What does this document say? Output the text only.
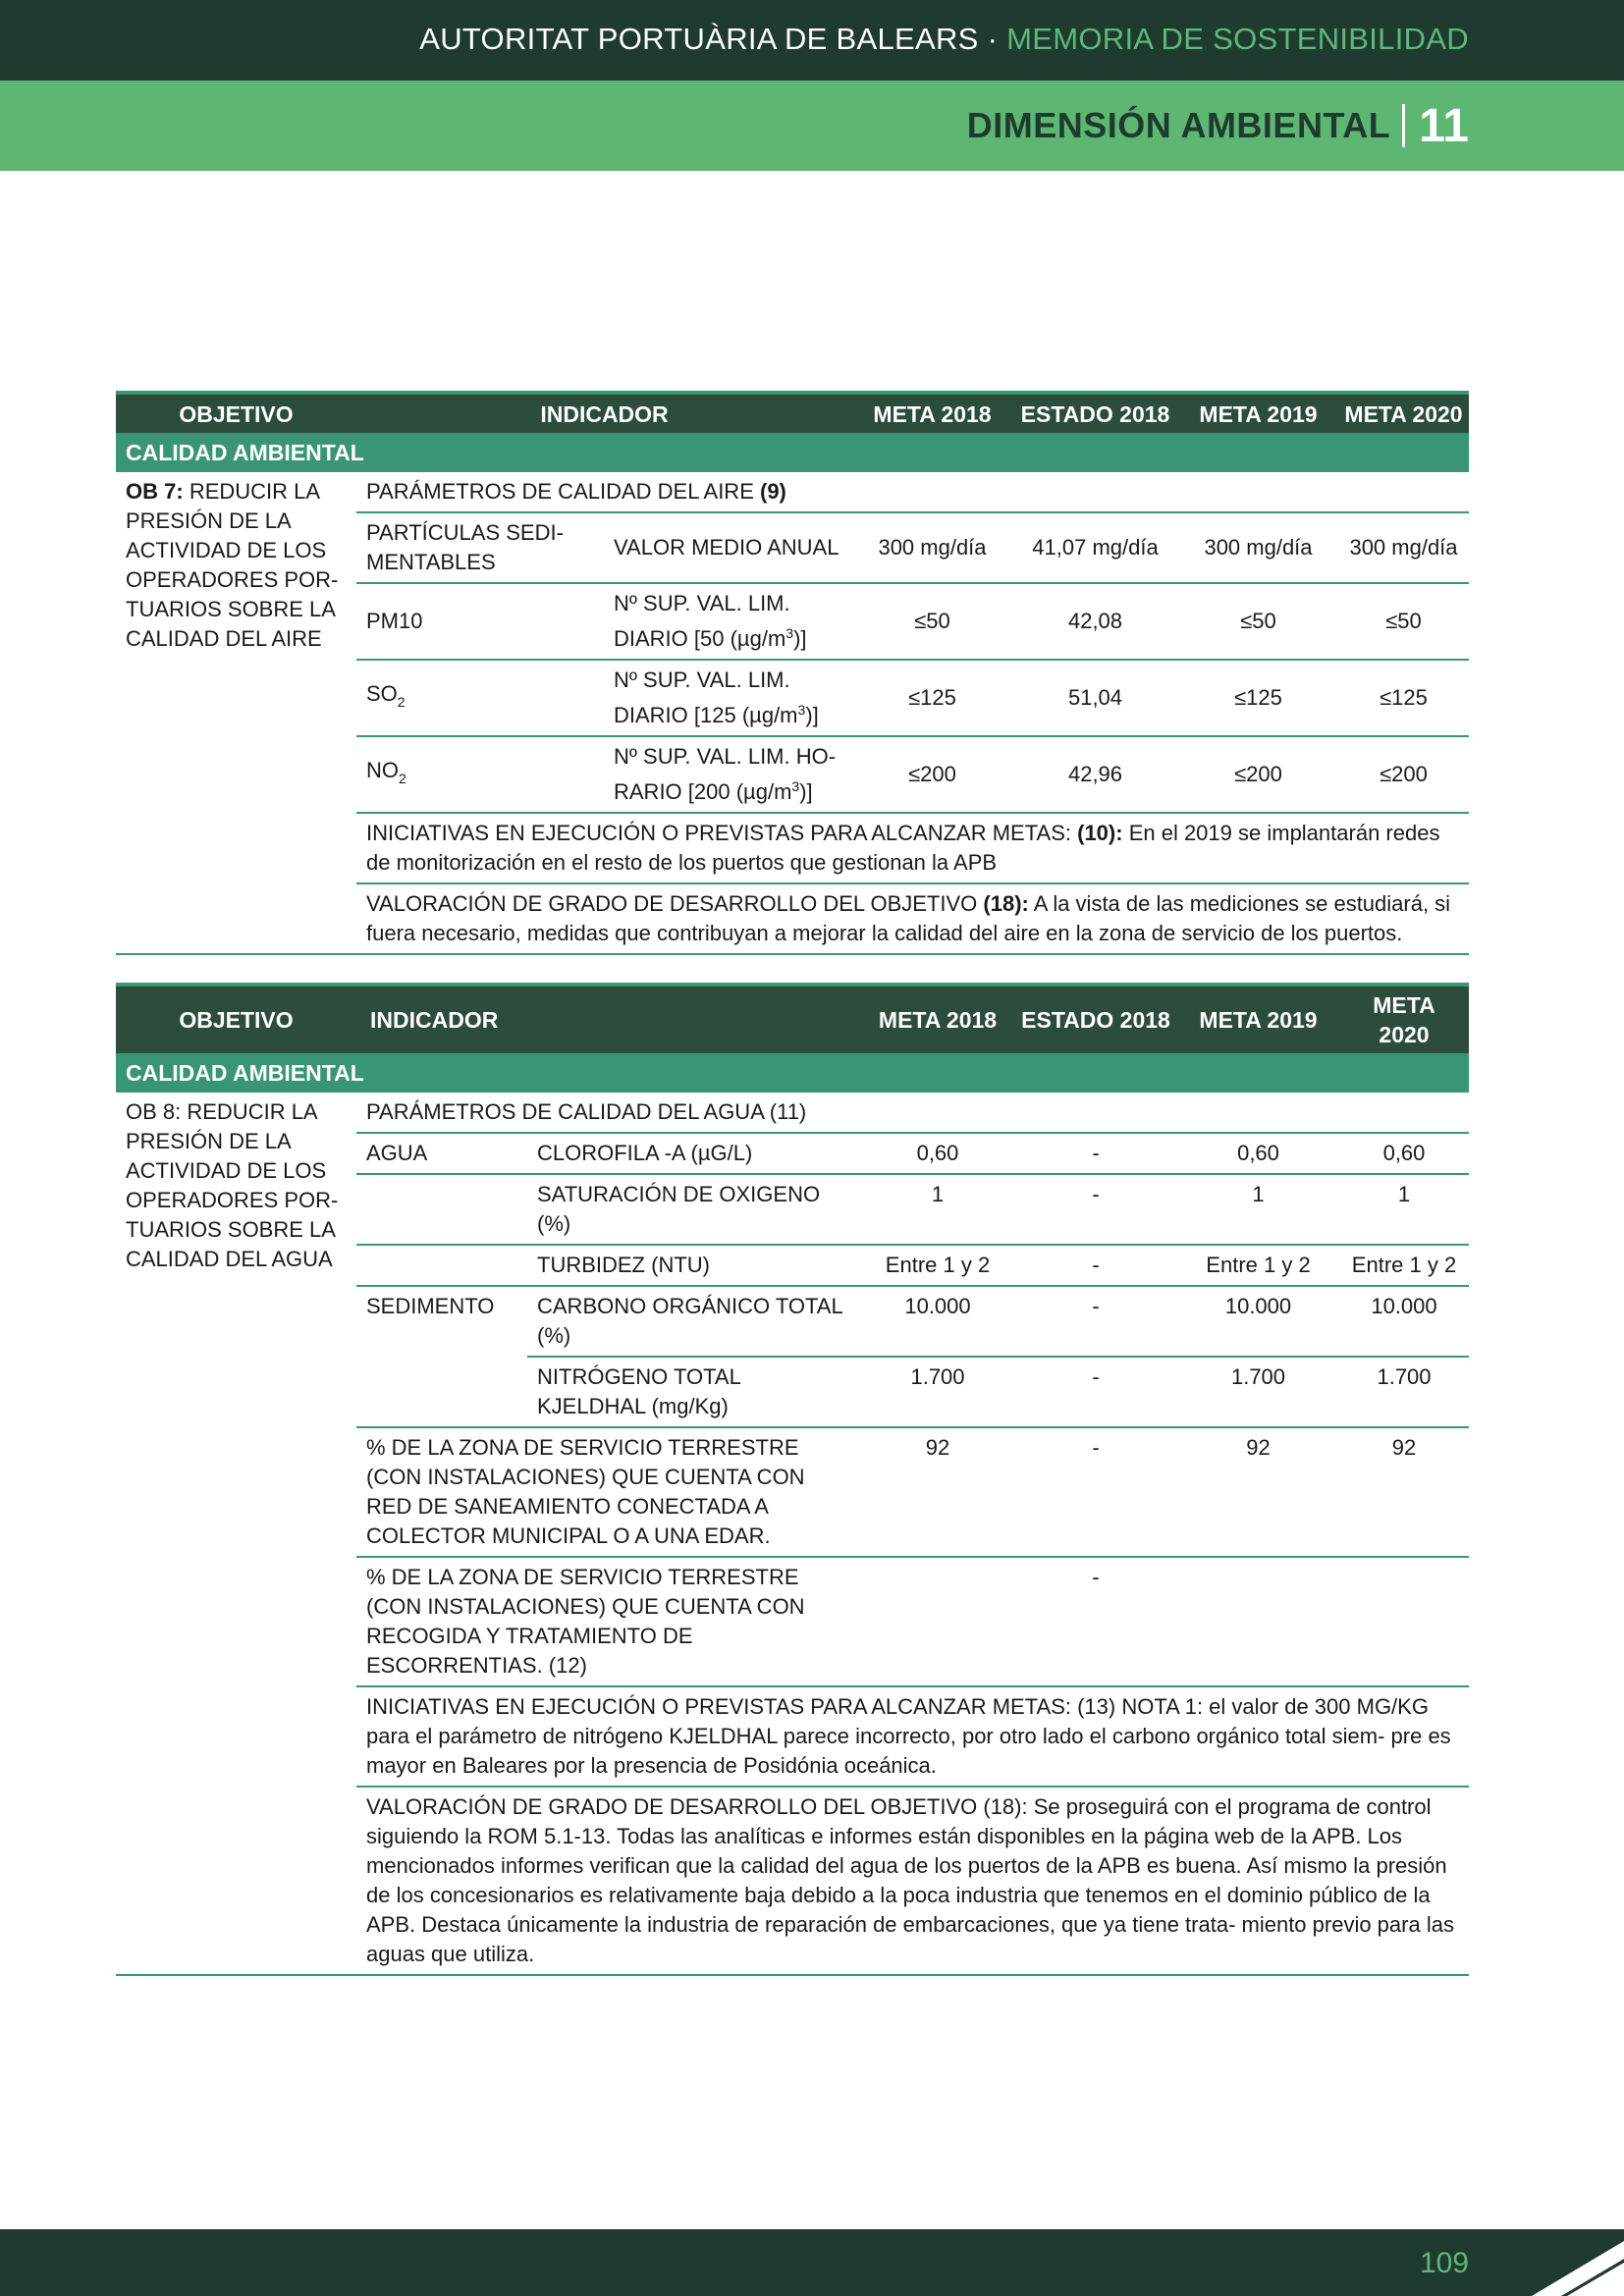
AUTORITAT PORTUÀRIA DE BALEARS · MEMORIA DE SOSTENIBILIDAD
DIMENSIÓN AMBIENTAL 11
OBJETIVO	INDICADOR		META 2018	ESTADO 2018	META 2019	META 2020
CALIDAD AMBIENTAL						
OB 7: REDUCIR LA PRESIÓN DE LA ACTIVIDAD DE LOS OPERADORES POR- TUARIOS SOBRE LA CALIDAD DEL AIRE	PARÁMETROS DE CALIDAD DEL AIRE (9)					
	PARTÍCULAS SEDI- MENTABLES	VALOR MEDIO ANUAL	300 mg/día	41,07 mg/día	300 mg/día	300 mg/día
	PM10	Nº SUP. VAL. LIM. DIARIO [50 $(\mu g/m^3)$]	≤50	42,08	≤50	≤50
	$SO_2$	Nº SUP. VAL. LIM. DIARIO [125 $(\mu g/m^3)$]	≤125	51,04	≤125	≤125
	$NO_2$	Nº SUP. VAL. LIM. HO- RARIO [200 $(\mu g/m^3)$]	≤200	42,96	≤200	≤200
	INICIATIVAS EN EJECUCIÓN O PREVISTAS PARA ALCANZAR METAS: (10): En el 2019 se implantarán redes de monitorización en el resto de los puertos que gestionan la APB					
	VALORACIÓN DE GRADO DE DESARROLLO DEL OBJETIVO (18): A la vista de las mediciones se estudiará, si fuera necesario, medidas que contribuyan a mejorar la calidad del aire en la zona de servicio de los puertos.					
OBJETIVO	INDICADOR		META 2018	ESTADO 2018	META 2019	META 2020
CALIDAD AMBIENTAL						
OB 8: REDUCIR LA PRESIÓN DE LA ACTIVIDAD DE LOS OPERADORES POR- TUARIOS SOBRE LA CALIDAD DEL AGUA	PARÁMETROS DE CALIDAD DEL AGUA (11)					
	AGUA	CLOROFILA -A (µG/L)	0,60	-	0,60	0,60
		SATURACIÓN DE OXIGENO (%)	1	-	1	1
		TURBIDEZ (NTU)	Entre 1 y 2	-	Entre 1 y 2	Entre 1 y 2
	SEDIMENTO	CARBONO ORGÁNICO TOTAL (%)	10.000	-	10.000	10.000
		NITRÓGENO TOTAL KJELDHAL (mg/Kg)	1.700	-	1.700	1.700
	% DE LA ZONA DE SERVICIO TERRESTRE (CON INSTALACIONES) QUE CUENTA CON RED DE SANEAMIENTO CONECTADA A COLECTOR MUNICIPAL O A UNA EDAR.		92	-	92	92
	% DE LA ZONA DE SERVICIO TERRESTRE (CON INSTALACIONES) QUE CUENTA CON RECOGIDA Y TRATAMIENTO DE ESCORRENTIAS. (12)			-		
	INICIATIVAS EN EJECUCIÓN O PREVISTAS PARA ALCANZAR METAS: (13) NOTA 1: el valor de 300 MG/KG para el parámetro de nitrógeno KJELDHAL parece incorrecto, por otro lado el carbono orgánico total siem- pre es mayor en Baleares por la presencia de Posidónia oceánica.					
	VALORACIÓN DE GRADO DE DESARROLLO DEL OBJETIVO (18): Se proseguirá con el programa de control siguiendo la ROM 5.1-13. Todas las analíticas e informes están disponibles en la página web de la APB. Los mencionados informes verifican que la calidad del agua de los puertos de la APB es buena. Así mismo la presión de los concesionarios es relativamente baja debido a la poca industria que tenemos en el dominio público de la APB. Destaca únicamente la industria de reparación de embarcaciones, que ya tiene trata- miento previo para las aguas que utiliza.					
109
